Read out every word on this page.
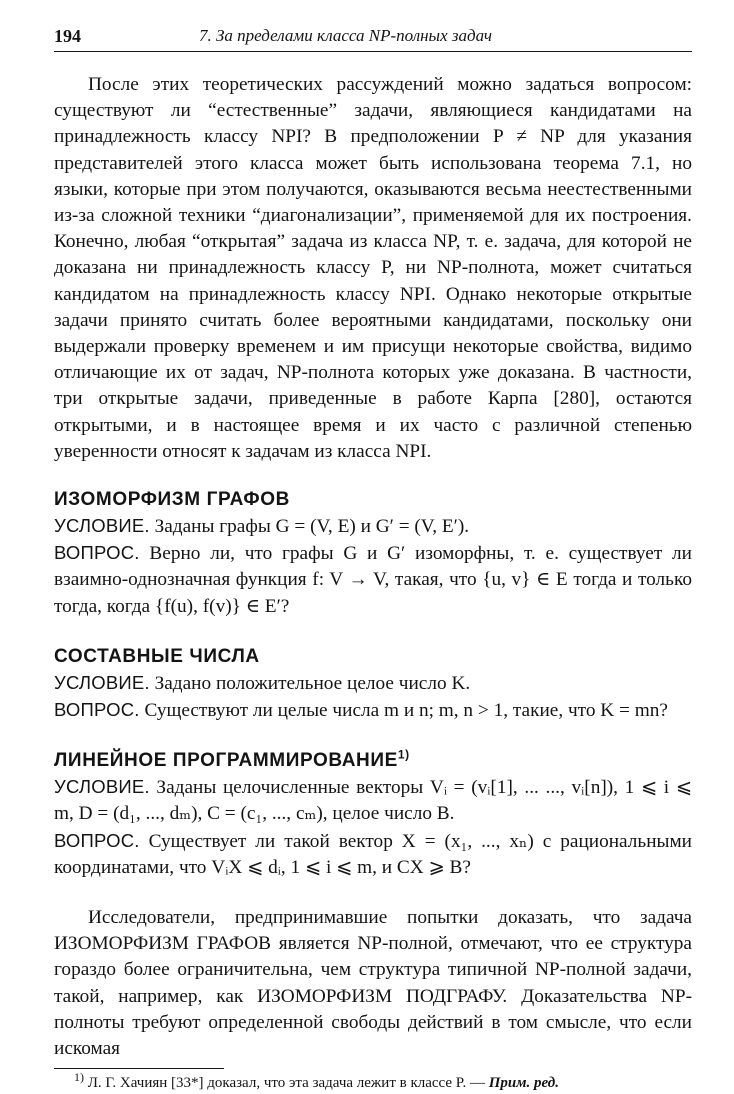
194	7. За пределами класса NP-полных задач

После этих теоретических рассуждений можно задаться вопросом: существуют ли “естественные” задачи, являющиеся кандидатами на принадлежность классу NPI? В предположении P ≠ NP для указания представителей этого класса может быть использована теорема 7.1, но языки, которые при этом получаются, оказываются весьма неестественными из-за сложной техники “диагонализации”, применяемой для их построения. Конечно, любая “открытая” задача из класса NP, т. е. задача, для которой не доказана ни принадлежность классу P, ни NP-полнота, может считаться кандидатом на принадлежность классу NPI. Однако некоторые открытые задачи принято считать более вероятными кандидатами, поскольку они выдержали проверку временем и им присущи некоторые свойства, видимо отличающие их от задач, NP-полнота которых уже доказана. В частности, три открытые задачи, приведенные в работе Карпа [280], остаются открытыми, и в настоящее время и их часто с различной степенью уверенности относят к задачам из класса NPI.

ИЗОМОРФИЗМ ГРАФОВ

УСЛОВИЕ. Заданы графы G = (V, E) и G′ = (V, E′).

ВОПРОС. Верно ли, что графы G и G′ изоморфны, т. е. существует ли взаимно-однозначная функция f: V → V, такая, что {u, v} ∈ E тогда и только тогда, когда {f(u), f(v)} ∈ E′?

СОСТАВНЫЕ ЧИСЛА

УСЛОВИЕ. Задано положительное целое число K.

ВОПРОС. Существуют ли целые числа m и n; m, n > 1, такие, что K = mn?

ЛИНЕЙНОЕ ПРОГРАММИРОВАНИЕ$^{1)}$

УСЛОВИЕ. Заданы целочисленные векторы Vᵢ = (vᵢ[1], ... ..., vᵢ[n]), 1 ⩽ i ⩽ m, D = (d₁, ..., dₘ), C = (c₁, ..., cₘ), целое число B.

ВОПРОС. Существует ли такой вектор X = (x₁, ..., xₙ) с рациональными координатами, что VᵢX ⩽ dᵢ, 1 ⩽ i ⩽ m, и CX ⩾ B?

Исследователи, предпринимавшие попытки доказать, что задача ИЗОМОРФИЗМ ГРАФОВ является NP-полной, отмечают, что ее структура гораздо более ограничительна, чем структура типичной NP-полной задачи, такой, например, как ИЗОМОРФИЗМ ПОДГРАФУ. Доказательства NP-полноты требуют определенной свободы действий в том смысле, что если искомая

$^{1)}$ Л. Г. Хачиян [33*] доказал, что эта задача лежит в классе P. — Прим. ред.
